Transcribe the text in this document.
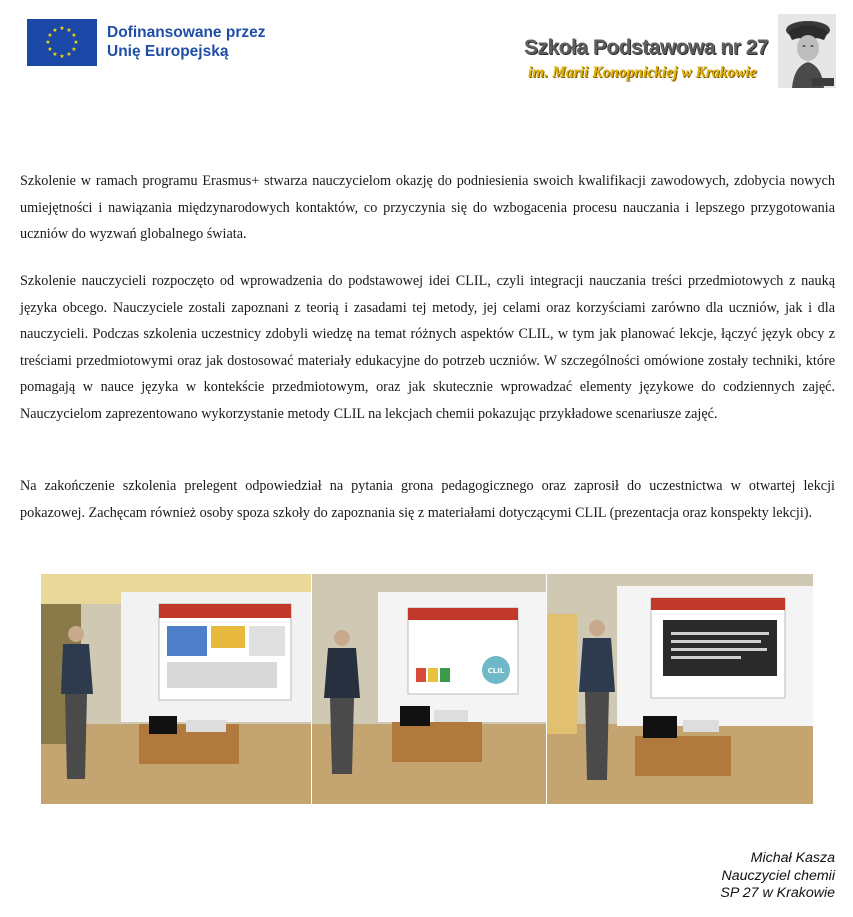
★ ★
★
★
★
★
★
★
★
★
★
★	Dofinansowane przez
Unię Europejską	Szkoła Podstawowa nr 27
im. Marii Konopnickiej w Krakowie

Szkolenie w ramach programu Erasmus+ stwarza nauczycielom okazję do podniesienia swoich kwalifikacji zawodowych, zdobycia nowych umiejętności i nawiązania międzynarodowych kontaktów, co przyczynia się do wzbogacenia procesu nauczania i lepszego przygotowania uczniów do wyzwań globalnego świata.

Szkolenie nauczycieli rozpoczęto od wprowadzenia do podstawowej idei CLIL, czyli integracji nauczania treści przedmiotowych z nauką języka obcego. Nauczyciele zostali zapoznani z teorią i zasadami tej metody, jej celami oraz korzyściami zarówno dla uczniów, jak i dla nauczycieli. Podczas szkolenia uczestnicy zdobyli wiedzę na temat różnych aspektów CLIL, w tym jak planować lekcje, łączyć język obcy z treściami przedmiotowymi oraz jak dostosować materiały edukacyjne do potrzeb uczniów. W szczególności omówione zostały techniki, które pomagają w nauce języka w kontekście przedmiotowym, oraz jak skutecznie wprowadzać elementy językowe do codziennych zajęć. Nauczycielom zaprezentowano wykorzystanie metody CLIL na lekcjach chemii pokazując przykładowe scenariusze zajęć.

Na zakończenie szkolenia prelegent odpowiedział na pytania grona pedagogicznego oraz zaprosił do uczestnictwa w otwartej lekcji pokazowej. Zachęcam również osoby spoza szkoły do zapoznania się z materiałami dotyczącymi CLIL (prezentacja oraz konspekty lekcji).

CLIL
Michał Kasza
Nauczyciel chemii
SP 27 w Krakowie
